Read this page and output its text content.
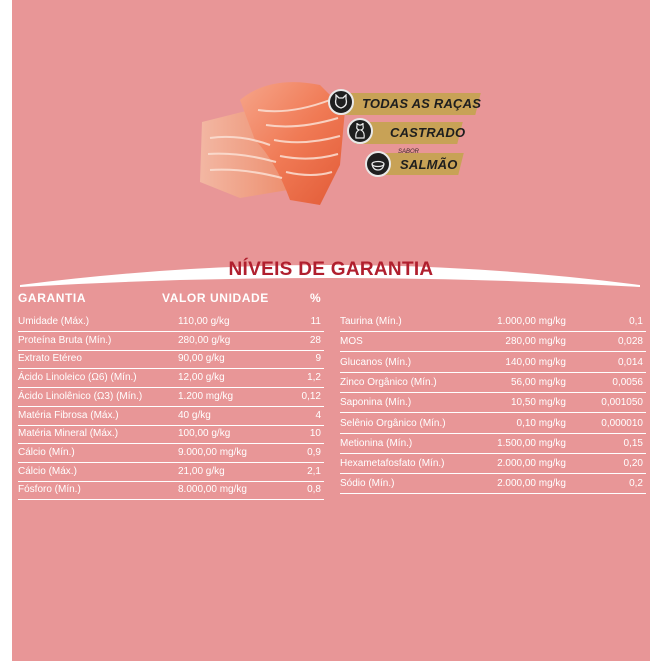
TODAS AS RAÇAS
CASTRADO
SABOR
SALMÃO
NÍVEIS DE GARANTIA
GARANTIA	VALOR UNIDADE	%
Umidade (Máx.)	110,00 g/kg	11
Proteína Bruta (Mín.)	280,00 g/kg	28
Extrato Etéreo	90,00 g/kg	9
Ácido Linoleico (Ω6) (Mín.)	12,00 g/kg	1,2
Ácido Linolênico (Ω3) (Mín.)	1.200 mg/kg	0,12
Matéria Fibrosa (Máx.)	40 g/kg	4
Matéria Mineral (Máx.)	100,00 g/kg	10
Cálcio (Mín.)	9.000,00 mg/kg	0,9
Cálcio (Máx.)	21,00 g/kg	2,1
Fósforo (Mín.)	8.000,00 mg/kg	0,8
Taurina (Mín.)	1.000,00 mg/kg	0,1
MOS	280,00 mg/kg	0,028
Glucanos (Mín.)	140,00 mg/kg	0,014
Zinco Orgânico (Mín.)	56,00 mg/kg	0,0056
Saponina (Mín.)	10,50 mg/kg	0,001050
Selênio Orgânico (Mín.)	0,10 mg/kg	0,000010
Metionina (Mín.)	1.500,00 mg/kg	0,15
Hexametafosfato (Mín.)	2.000,00 mg/kg	0,20
Sódio (Mín.)	2.000,00 mg/kg	0,2
